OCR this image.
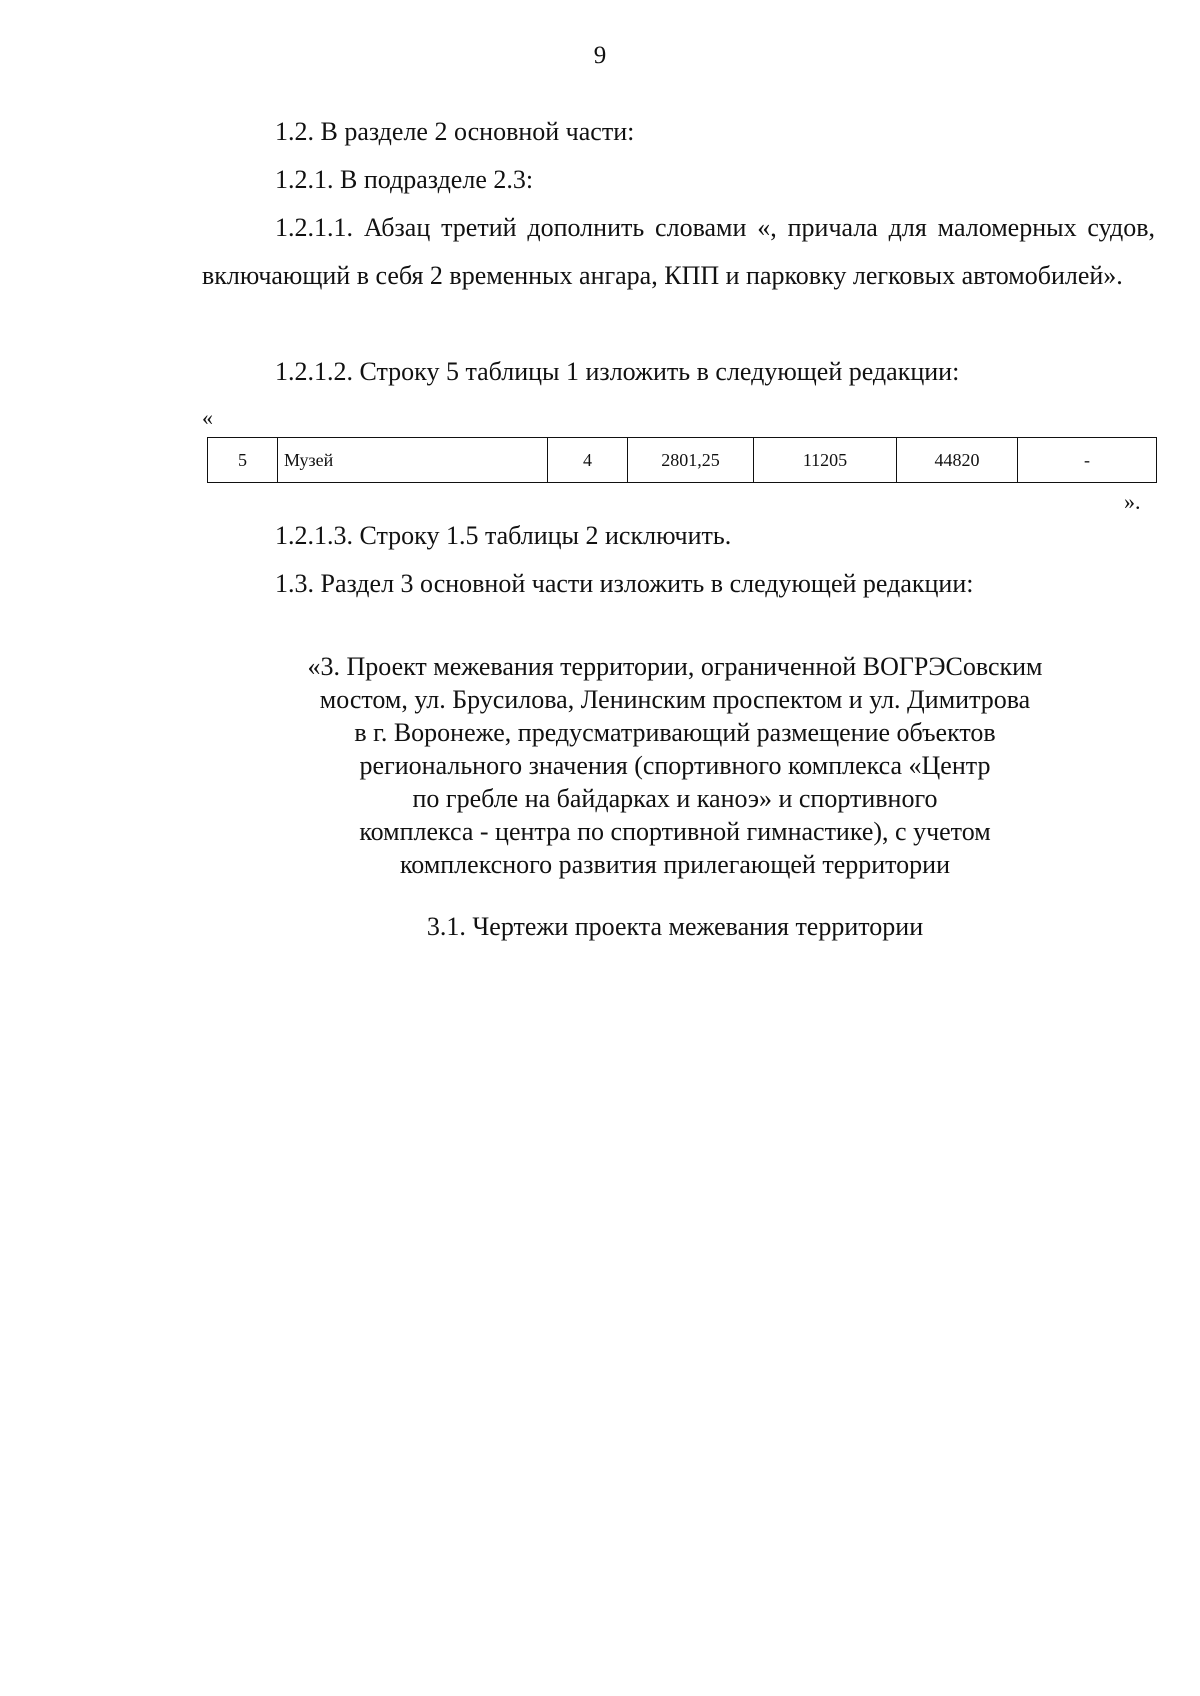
9

1.2. В разделе 2 основной части:

1.2.1. В подразделе 2.3:

1.2.1.1. Абзац третий дополнить словами «, причала для маломерных судов, включающий в себя 2 временных ангара, КПП и парковку легковых автомобилей».

1.2.1.2. Строку 5 таблицы 1 изложить в следующей редакции:

«
5	Музей	4	2801,25	11205	44820	-
».

1.2.1.3. Строку 1.5 таблицы 2 исключить.

1.3. Раздел 3 основной части изложить в следующей редакции:

«3. Проект межевания территории, ограниченной ВОГРЭСовским
мостом, ул. Брусилова, Ленинским проспектом и ул. Димитрова
в г. Воронеже, предусматривающий размещение объектов
регионального значения (спортивного комплекса «Центр
по гребле на байдарках и каноэ» и спортивного
комплекса - центра по спортивной гимнастике), с учетом
комплексного развития прилегающей территории
3.1. Чертежи проекта межевания территории
